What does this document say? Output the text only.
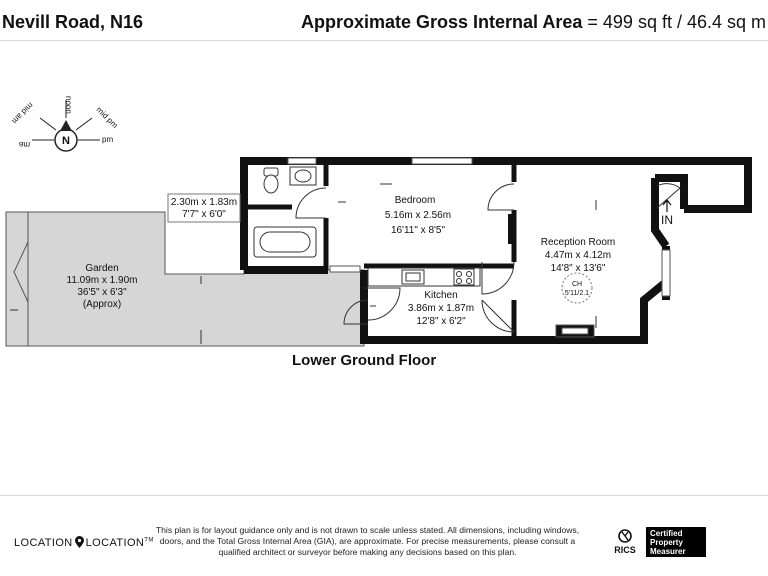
Nevill Road, N16	Approximate Gross Internal Area = 499 sq ft / 46.4 sq m
N
noon
mid am	mid pm
am
pm
2.30m x 1.83m
7'7" x 6'0"
Bedroom
5.16m x 2.56m
16'11" x 8'5"
Reception Room
4.47m x 4.12m
14'8" x 13'6"
Kitchen
3.86m x 1.87m
12'8" x 6'2"
Garden
11.09m x 1.90m
36'5" x 6'3"
(Approx)
CH
5'11/2.1
IN
Lower Ground Floor
LOCATION LOCATION™
This plan is for layout guidance only and is not drawn to scale unless stated. All dimensions, including windows, doors, and the Total Gross Internal Area (GIA), are approximate. For precise measurements, please consult a qualified architect or surveyor before making any decisions based on this plan.	RICS
Certified
Property
Measurer
